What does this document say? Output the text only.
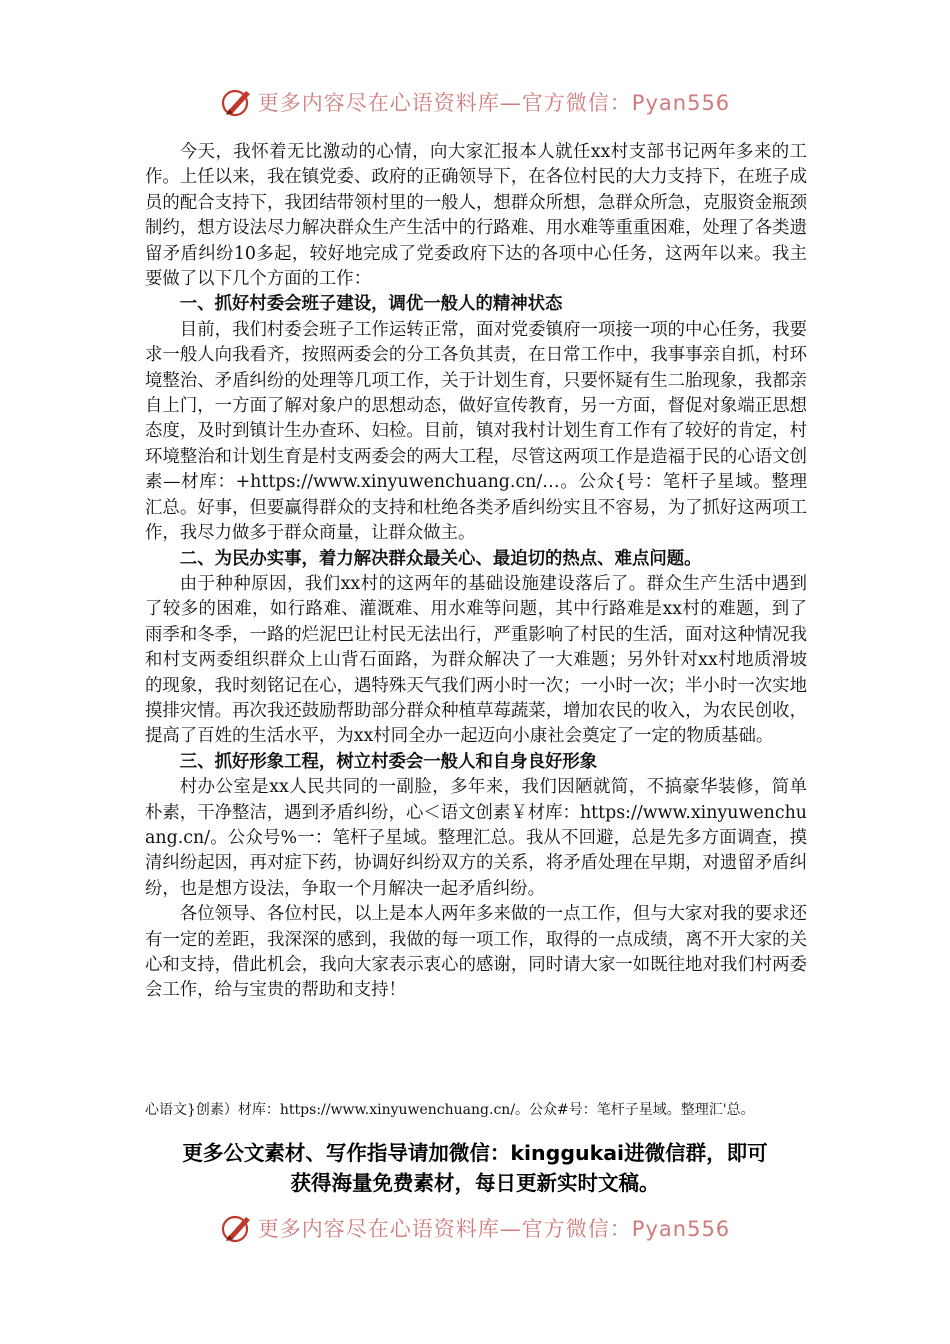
更多内容尽在心语资料库—官方微信：Pyan556

今天，我怀着无比激动的心情，向大家汇报本人就任xx村支部书记两年多来的工作。上任以来，我在镇党委、政府的正确领导下，在各位村民的大力支持下，在班子成员的配合支持下，我团结带领村里的一般人，想群众所想，急群众所急，克服资金瓶颈制约，想方设法尽力解决群众生产生活中的行路难、用水难等重重困难，处理了各类遗留矛盾纠纷10多起，较好地完成了党委政府下达的各项中心任务，这两年以来。我主要做了以下几个方面的工作：

一、抓好村委会班子建设，调优一般人的精神状态

目前，我们村委会班子工作运转正常，面对党委镇府一项接一项的中心任务，我要求一般人向我看齐，按照两委会的分工各负其责，在日常工作中，我事事亲自抓，村环境整治、矛盾纠纷的处理等几项工作，关于计划生育，只要怀疑有生二胎现象，我都亲自上门，一方面了解对象户的思想动态，做好宣传教育，另一方面，督促对象端正思想态度，及时到镇计生办查环、妇检。目前，镇对我村计划生育工作有了较好的肯定，村环境整治和计划生育是村支两委会的两大工程，尽管这两项工作是造福于民的心语文创素—材库：+https://www.xinyuwenchuang.cn/…。公众{号：笔杆子星域。整理汇总。好事，但要赢得群众的支持和杜绝各类矛盾纠纷实且不容易，为了抓好这两项工作，我尽力做多于群众商量，让群众做主。

二、为民办实事，着力解决群众最关心、最迫切的热点、难点问题。

由于种种原因，我们xx村的这两年的基础设施建设落后了。群众生产生活中遇到了较多的困难，如行路难、灌溉难、用水难等问题，其中行路难是xx村的难题，到了雨季和冬季，一路的烂泥巴让村民无法出行，严重影响了村民的生活，面对这种情况我和村支两委组织群众上山背石面路，为群众解决了一大难题；另外针对xx村地质滑坡的现象，我时刻铭记在心，遇特殊天气我们两小时一次；一小时一次；半小时一次实地摸排灾情。再次我还鼓励帮助部分群众种植草莓蔬菜，增加农民的收入，为农民创收，提高了百姓的生活水平，为xx村同全办一起迈向小康社会奠定了一定的物质基础。

三、抓好形象工程，树立村委会一般人和自身良好形象

村办公室是xx人民共同的一副脸，多年来，我们因陋就简，不搞豪华装修，简单朴素，干净整洁，遇到矛盾纠纷，心＜语文创素￥材库：https://www.xinyuwenchuang.cn/。公众号%一：笔杆子星域。整理汇总。我从不回避，总是先多方面调查，摸清纠纷起因，再对症下药，协调好纠纷双方的关系，将矛盾处理在早期，对遗留矛盾纠纷，也是想方设法，争取一个月解决一起矛盾纠纷。

各位领导、各位村民，以上是本人两年多来做的一点工作，但与大家对我的要求还有一定的差距，我深深的感到，我做的每一项工作，取得的一点成绩，离不开大家的关心和支持，借此机会，我向大家表示衷心的感谢，同时请大家一如既往地对我们村两委会工作，给与宝贵的帮助和支持！

心语文}创素）材库：https://www.xinyuwenchuang.cn/。公众#号：笔杆子星域。整理汇'总。
更多公文素材、写作指导请加微信：kinggukai进微信群，即可
获得海量免费素材，每日更新实时文稿。
更多内容尽在心语资料库—官方微信：Pyan556
